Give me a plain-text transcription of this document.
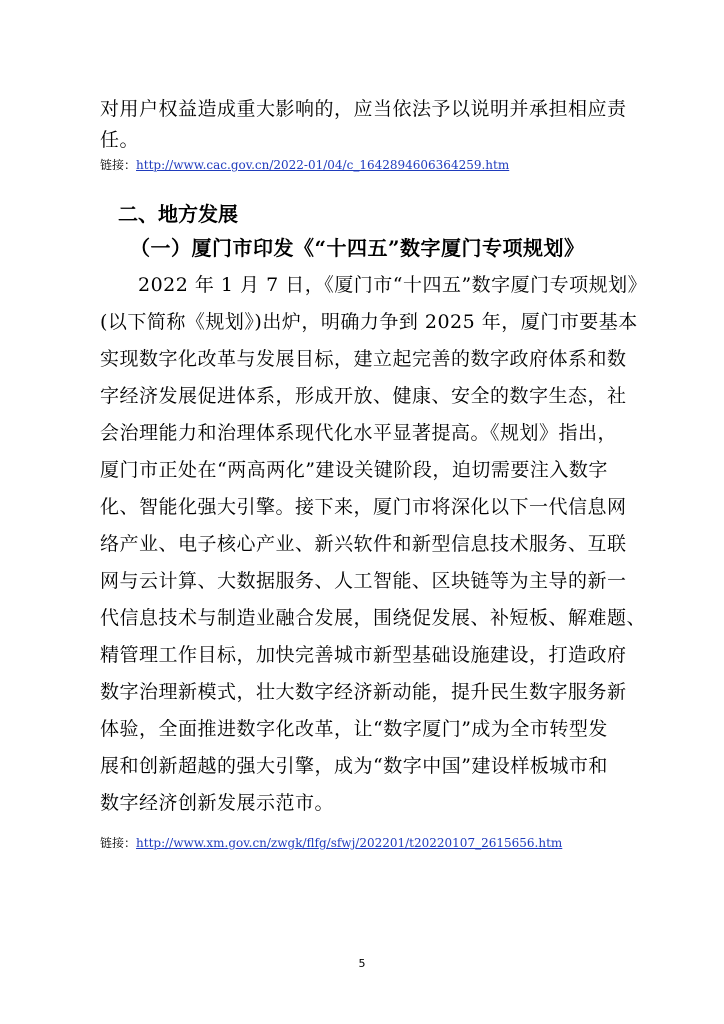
对用户权益造成重大影响的，应当依法予以说明并承担相应责
任。
链接：http://www.cac.gov.cn/2022-01/04/c_1642894606364259.htm
二、地方发展
（一）厦门市印发《“十四五”数字厦门专项规划》
2022 年 1 月 7 日，《厦门市“十四五”数字厦门专项规划》
(以下简称《规划》)出炉，明确力争到 2025 年，厦门市要基本
实现数字化改革与发展目标，建立起完善的数字政府体系和数
字经济发展促进体系，形成开放、健康、安全的数字生态，社
会治理能力和治理体系现代化水平显著提高。《规划》指出，
厦门市正处在“两高两化”建设关键阶段，迫切需要注入数字
化、智能化强大引擎。接下来，厦门市将深化以下一代信息网
络产业、电子核心产业、新兴软件和新型信息技术服务、互联
网与云计算、大数据服务、人工智能、区块链等为主导的新一
代信息技术与制造业融合发展，围绕促发展、补短板、解难题、
精管理工作目标，加快完善城市新型基础设施建设，打造政府
数字治理新模式，壮大数字经济新动能，提升民生数字服务新
体验，全面推进数字化改革，让“数字厦门”成为全市转型发
展和创新超越的强大引擎，成为“数字中国”建设样板城市和
数字经济创新发展示范市。
链接：http://www.xm.gov.cn/zwgk/flfg/sfwj/202201/t20220107_2615656.htm
5
